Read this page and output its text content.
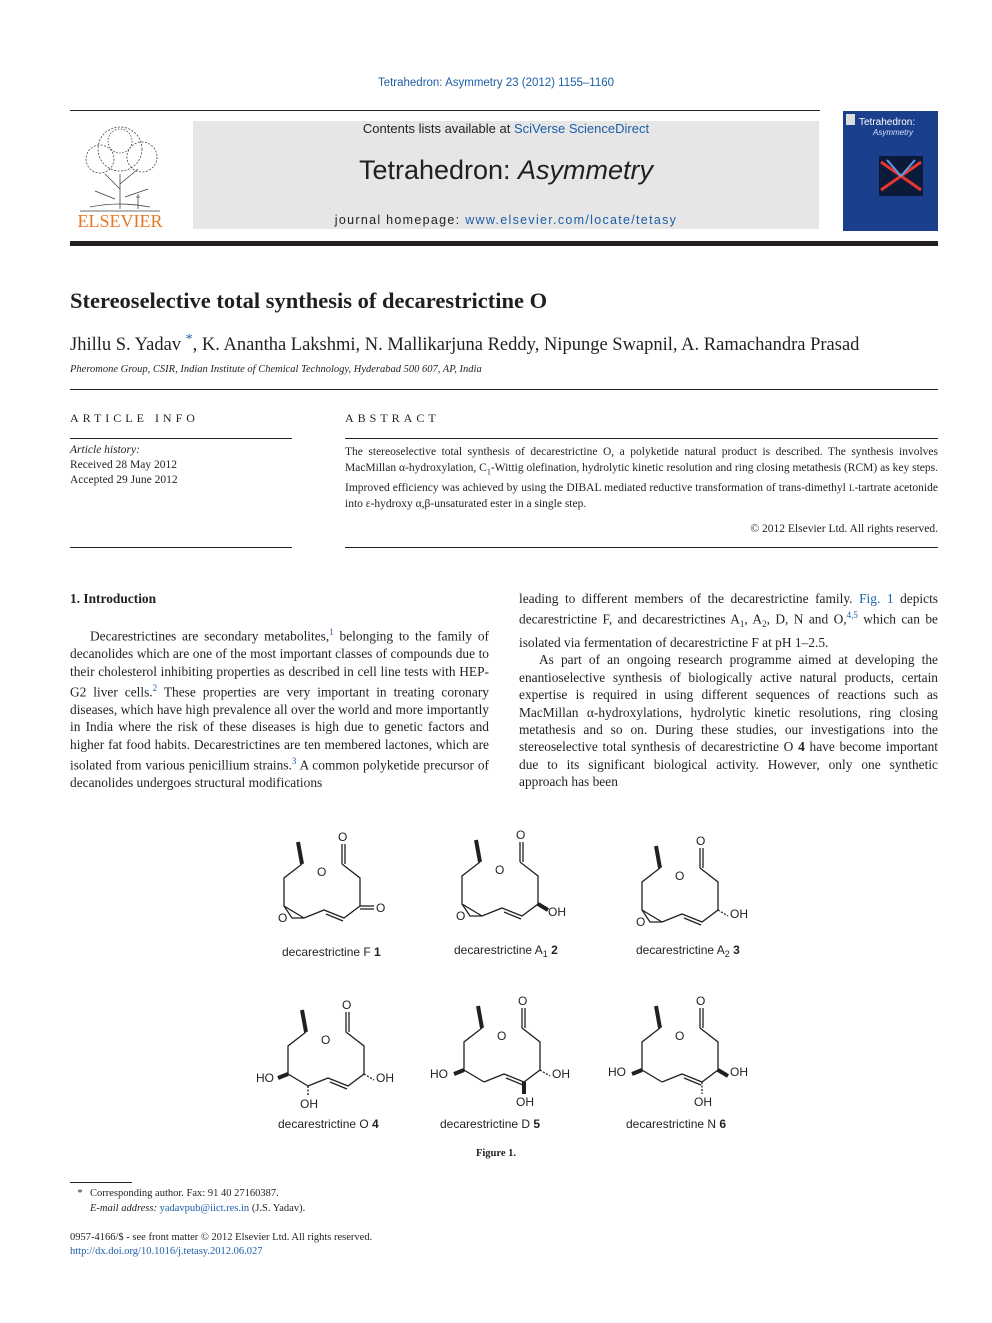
Tetrahedron: Asymmetry 23 (2012) 1155–1160
ELSEVIER
Contents lists available at SciVerse ScienceDirect
Tetrahedron: Asymmetry
journal homepage: www.elsevier.com/locate/tetasy
Tetrahedron:
Asymmetry
Stereoselective total synthesis of decarestrictine O
Jhillu S. Yadav *, K. Anantha Lakshmi, N. Mallikarjuna Reddy, Nipunge Swapnil, A. Ramachandra Prasad
Pheromone Group, CSIR, Indian Institute of Chemical Technology, Hyderabad 500 607, AP, India
ARTICLE INFO	ABSTRACT
Article history:
Received 28 May 2012
Accepted 29 June 2012
The stereoselective total synthesis of decarestrictine O, a polyketide natural product is described. The synthesis involves MacMillan α-hydroxylation, $C_1$-Wittig olefination, hydrolytic kinetic resolution and ring closing metathesis (RCM) as key steps. Improved efficiency was achieved by using the DIBAL mediated reductive transformation of trans-dimethyl L-tartrate acetonide into ε-hydroxy α,β-unsaturated ester in a single step.
© 2012 Elsevier Ltd. All rights reserved.

1. Introduction

Decarestrictines are secondary metabolites,$^1$ belonging to the family of decanolides which are one of the most important classes of compounds due to their cholesterol inhibiting properties as described in cell line tests with HEP-G2 liver cells.$^2$ These properties are very important in treating coronary diseases, which have high prevalence all over the world and more importantly in India where the risk of these diseases is high due to genetic factors and higher fat food habits. Decarestrictines are ten membered lactones, which are isolated from various penicillium strains.$^3$ A common polyketide precursor of decanolides undergoes structural modifications

leading to different members of the decarestrictine family. Fig. 1 depicts decarestrictine F, and decarestrictines $A_1$, $A_2$, D, N and O,$^{4,5}$ which can be isolated via fermentation of decarestrictine F at pH 1–2.5.

As part of an ongoing research programme aimed at developing the enantioselective synthesis of biologically active natural products, certain expertise is required in using different sequences of reactions such as MacMillan α-hydroxylations, hydrolytic kinetic resolutions, ring closing metathesis and so on. During these studies, our investigations into the stereoselective total synthesis of decarestrictine O 4 have become important due to its significant biological activity. However, only one synthetic approach has been

O
O
O
O
decarestrictine F 1
O
O
OH
O
decarestrictine $A_1$ 2
O
O
OH
O
decarestrictine $A_2$ 3
O
O
OH
HO
OH
decarestrictine O 4
O
O
OH
HO
OH
decarestrictine D 5
O
O
OH
HO
OH
decarestrictine N 6
Figure 1.
* Corresponding author. Fax: 91 40 27160387.
E-mail address: yadavpub@iict.res.in (J.S. Yadav).
0957-4166/$ - see front matter © 2012 Elsevier Ltd. All rights reserved.
http://dx.doi.org/10.1016/j.tetasy.2012.06.027
